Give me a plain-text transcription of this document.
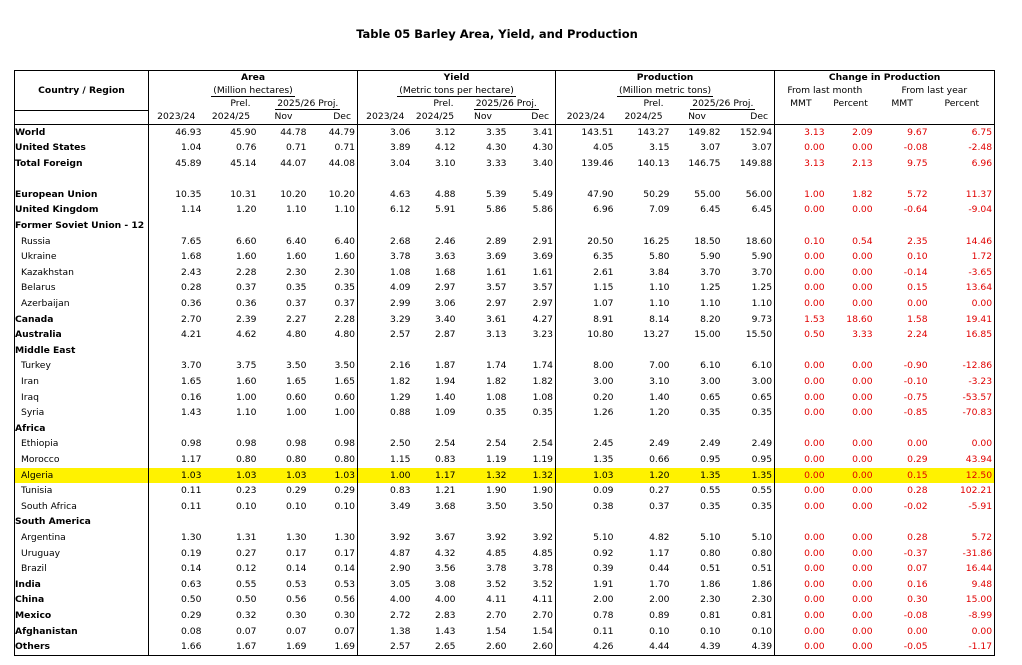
Table 05 Barley Area, Yield, and Production
Country / Region	Area				Yield				Production				Change in Production			
	(Million hectares)				(Metric tons per hectare)				(Million metric tons)				From last month		From last year	
	Prel.		2025/26 Proj.		Prel.		2025/26 Proj.		Prel.		2025/26 Proj.		MMT	Percent	MMT	Percent
	2023/24	2024/25	Nov	Dec	2023/24	2024/25	Nov	Dec	2023/24	2024/25	Nov	Dec				
World	46.93	45.90	44.78	44.79	3.06	3.12	3.35	3.41	143.51	143.27	149.82	152.94	3.13	2.09	9.67	6.75
United States	1.04	0.76	0.71	0.71	3.89	4.12	4.30	4.30	4.05	3.15	3.07	3.07	0.00	0.00	-0.08	-2.48
Total Foreign	45.89	45.14	44.07	44.08	3.04	3.10	3.33	3.40	139.46	140.13	146.75	149.88	3.13	2.13	9.75	6.96

European Union	10.35	10.31	10.20	10.20	4.63	4.88	5.39	5.49	47.90	50.29	55.00	56.00	1.00	1.82	5.72	11.37
United Kingdom	1.14	1.20	1.10	1.10	6.12	5.91	5.86	5.86	6.96	7.09	6.45	6.45	0.00	0.00	-0.64	-9.04
Former Soviet Union - 12																
Russia	7.65	6.60	6.40	6.40	2.68	2.46	2.89	2.91	20.50	16.25	18.50	18.60	0.10	0.54	2.35	14.46
Ukraine	1.68	1.60	1.60	1.60	3.78	3.63	3.69	3.69	6.35	5.80	5.90	5.90	0.00	0.00	0.10	1.72
Kazakhstan	2.43	2.28	2.30	2.30	1.08	1.68	1.61	1.61	2.61	3.84	3.70	3.70	0.00	0.00	-0.14	-3.65
Belarus	0.28	0.37	0.35	0.35	4.09	2.97	3.57	3.57	1.15	1.10	1.25	1.25	0.00	0.00	0.15	13.64
Azerbaijan	0.36	0.36	0.37	0.37	2.99	3.06	2.97	2.97	1.07	1.10	1.10	1.10	0.00	0.00	0.00	0.00
Canada	2.70	2.39	2.27	2.28	3.29	3.40	3.61	4.27	8.91	8.14	8.20	9.73	1.53	18.60	1.58	19.41
Australia	4.21	4.62	4.80	4.80	2.57	2.87	3.13	3.23	10.80	13.27	15.00	15.50	0.50	3.33	2.24	16.85
Middle East																
Turkey	3.70	3.75	3.50	3.50	2.16	1.87	1.74	1.74	8.00	7.00	6.10	6.10	0.00	0.00	-0.90	-12.86
Iran	1.65	1.60	1.65	1.65	1.82	1.94	1.82	1.82	3.00	3.10	3.00	3.00	0.00	0.00	-0.10	-3.23
Iraq	0.16	1.00	0.60	0.60	1.29	1.40	1.08	1.08	0.20	1.40	0.65	0.65	0.00	0.00	-0.75	-53.57
Syria	1.43	1.10	1.00	1.00	0.88	1.09	0.35	0.35	1.26	1.20	0.35	0.35	0.00	0.00	-0.85	-70.83
Africa																
Ethiopia	0.98	0.98	0.98	0.98	2.50	2.54	2.54	2.54	2.45	2.49	2.49	2.49	0.00	0.00	0.00	0.00
Morocco	1.17	0.80	0.80	0.80	1.15	0.83	1.19	1.19	1.35	0.66	0.95	0.95	0.00	0.00	0.29	43.94
Algeria	1.03	1.03	1.03	1.03	1.00	1.17	1.32	1.32	1.03	1.20	1.35	1.35	0.00	0.00	0.15	12.50
Tunisia	0.11	0.23	0.29	0.29	0.83	1.21	1.90	1.90	0.09	0.27	0.55	0.55	0.00	0.00	0.28	102.21
South Africa	0.11	0.10	0.10	0.10	3.49	3.68	3.50	3.50	0.38	0.37	0.35	0.35	0.00	0.00	-0.02	-5.91
South America																
Argentina	1.30	1.31	1.30	1.30	3.92	3.67	3.92	3.92	5.10	4.82	5.10	5.10	0.00	0.00	0.28	5.72
Uruguay	0.19	0.27	0.17	0.17	4.87	4.32	4.85	4.85	0.92	1.17	0.80	0.80	0.00	0.00	-0.37	-31.86
Brazil	0.14	0.12	0.14	0.14	2.90	3.56	3.78	3.78	0.39	0.44	0.51	0.51	0.00	0.00	0.07	16.44
India	0.63	0.55	0.53	0.53	3.05	3.08	3.52	3.52	1.91	1.70	1.86	1.86	0.00	0.00	0.16	9.48
China	0.50	0.50	0.56	0.56	4.00	4.00	4.11	4.11	2.00	2.00	2.30	2.30	0.00	0.00	0.30	15.00
Mexico	0.29	0.32	0.30	0.30	2.72	2.83	2.70	2.70	0.78	0.89	0.81	0.81	0.00	0.00	-0.08	-8.99
Afghanistan	0.08	0.07	0.07	0.07	1.38	1.43	1.54	1.54	0.11	0.10	0.10	0.10	0.00	0.00	0.00	0.00
Others	1.66	1.67	1.69	1.69	2.57	2.65	2.60	2.60	4.26	4.44	4.39	4.39	0.00	0.00	-0.05	-1.17
